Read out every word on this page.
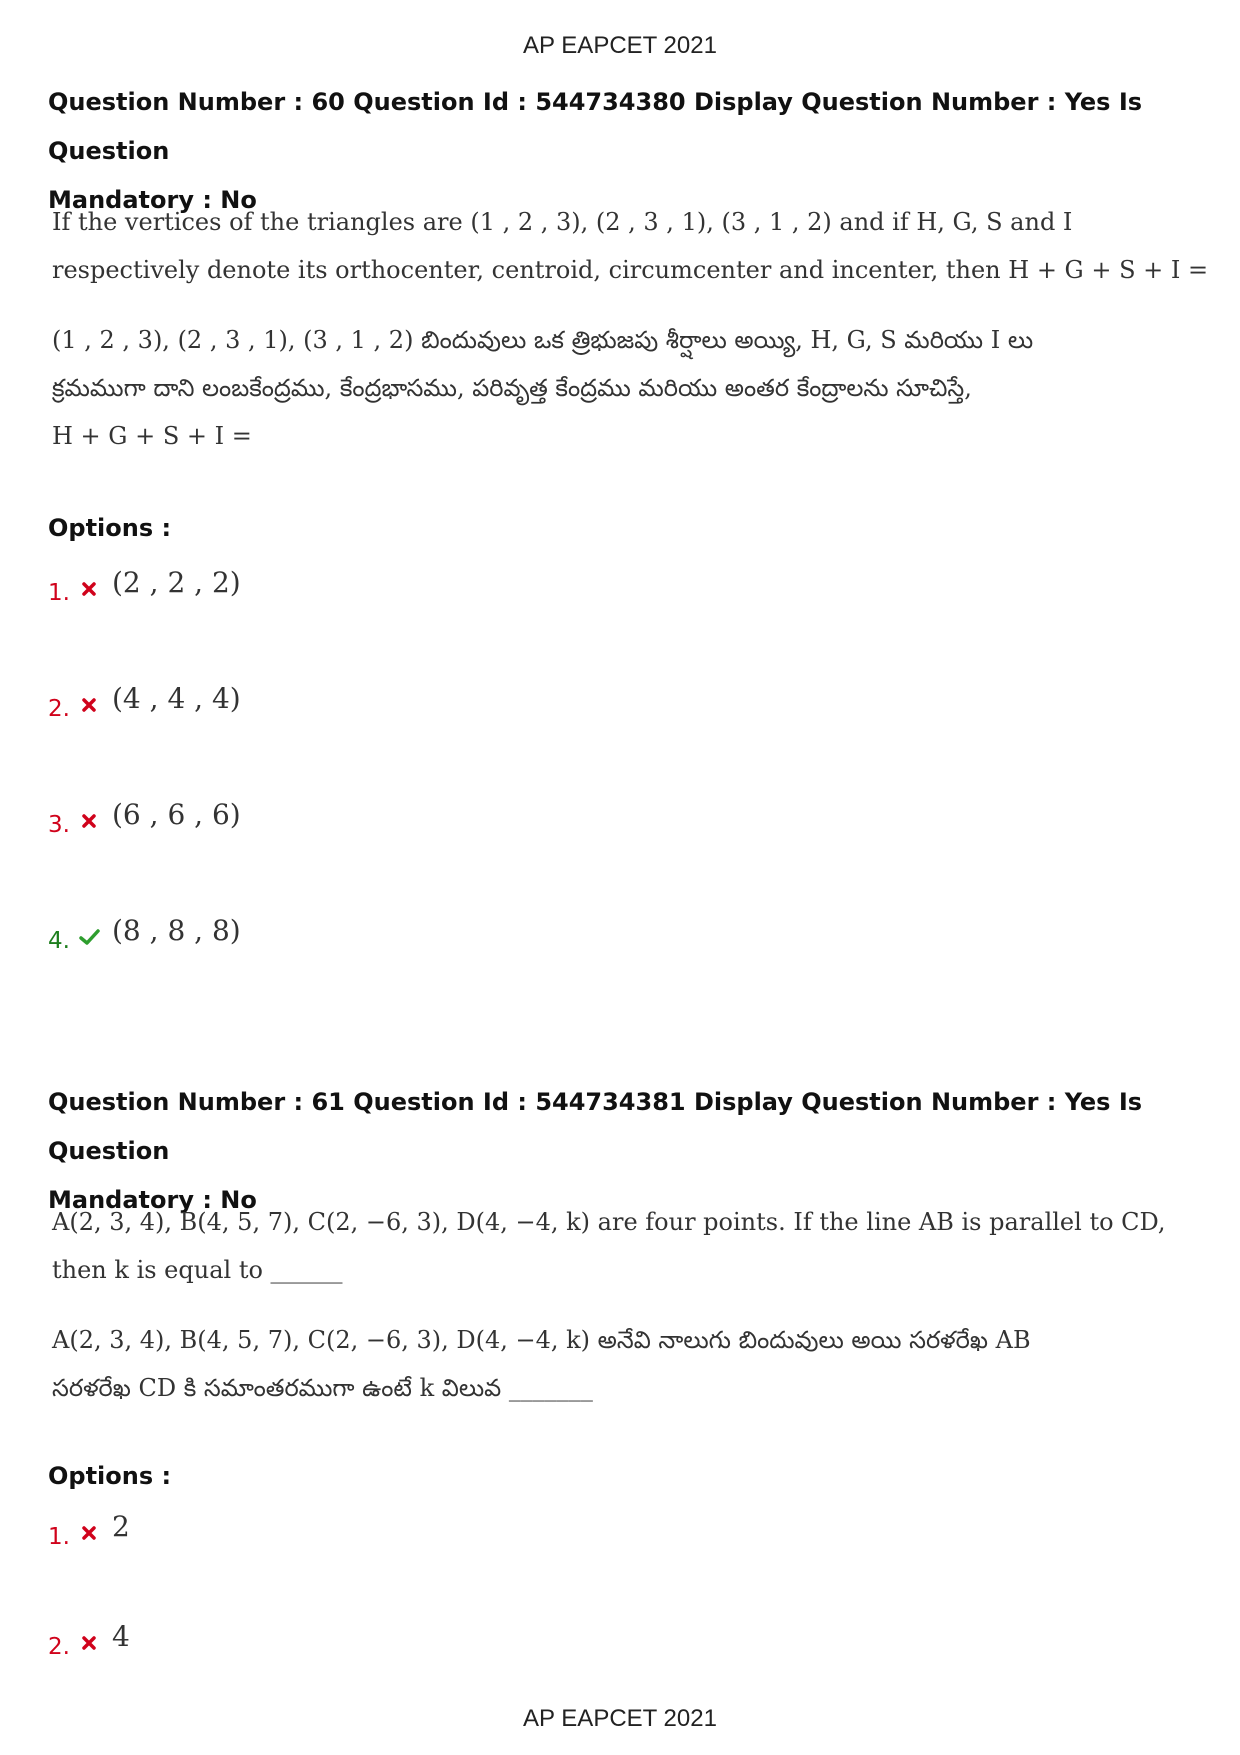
AP EAPCET 2021
Question Number : 60 Question Id : 544734380 Display Question Number : Yes Is Question
Mandatory : No
If the vertices of the triangles are (1 , 2 , 3), (2 , 3 , 1), (3 , 1 , 2) and if H, G, S and I
respectively denote its orthocenter, centroid, circumcenter and incenter, then H + G + S + I =
(1 , 2 , 3), (2 , 3 , 1), (3 , 1 , 2) బిందువులు ఒక త్రిభుజపు శీర్షాలు అయ్యి, H, G, S మరియు I లు
క్రమముగా దాని లంబకేంద్రము, కేంద్రభాసము, పరివృత్త కేంద్రము మరియు అంతర కేంద్రాలను సూచిస్తే,
H + G + S + I =
Options :
1. (2 , 2 , 2)
2. (4 , 4 , 4)
3. (6 , 6 , 6)
4. (8 , 8 , 8)
Question Number : 61 Question Id : 544734381 Display Question Number : Yes Is Question
Mandatory : No
A(2, 3, 4), B(4, 5, 7), C(2, −6, 3), D(4, −4, k) are four points. If the line AB is parallel to CD,
then k is equal to ______
A(2, 3, 4), B(4, 5, 7), C(2, −6, 3), D(4, −4, k) అనేవి నాలుగు బిందువులు అయి సరళరేఖ AB
సరళరేఖ CD కి సమాంతరముగా ఉంటే k విలువ _______
Options :
1. 2
2. 4
AP EAPCET 2021
